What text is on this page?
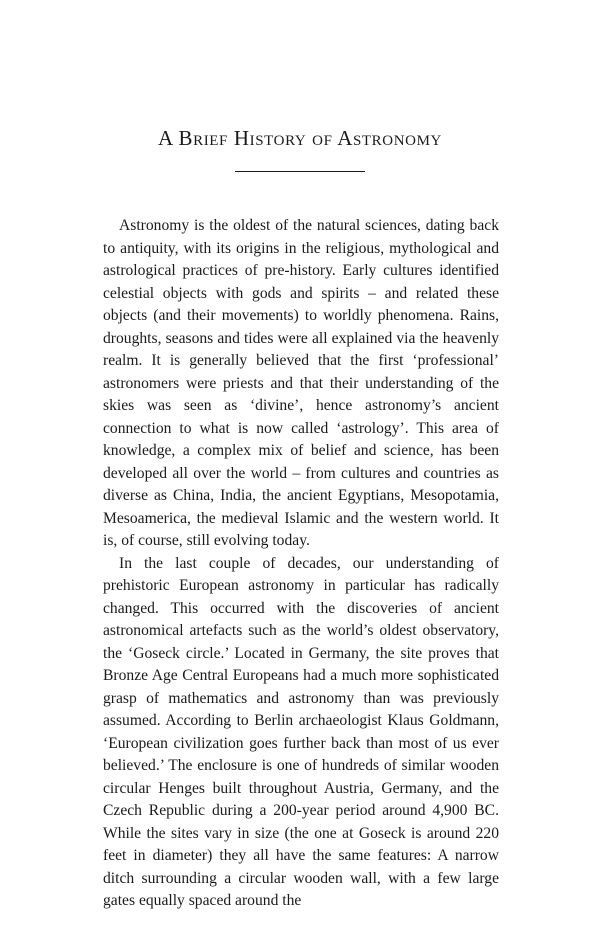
A Brief History of Astronomy

Astronomy is the oldest of the natural sciences, dating back to antiquity, with its origins in the religious, mythological and astrological practices of pre-history. Early cultures identified celestial objects with gods and spirits – and related these objects (and their movements) to worldly phenomena. Rains, droughts, seasons and tides were all explained via the heavenly realm. It is generally believed that the first ‘professional’ astronomers were priests and that their understanding of the skies was seen as ‘divine’, hence astronomy’s ancient connection to what is now called ‘astrology’. This area of knowledge, a complex mix of belief and science, has been developed all over the world – from cultures and countries as diverse as China, India, the ancient Egyptians, Mesopotamia, Mesoamerica, the medieval Islamic and the western world. It is, of course, still evolving today.

In the last couple of decades, our understanding of prehistoric European astronomy in particular has radically changed. This occurred with the discoveries of ancient astronomical artefacts such as the world’s oldest observatory, the ‘Goseck circle.’ Located in Germany, the site proves that Bronze Age Central Europeans had a much more sophisticated grasp of mathematics and astronomy than was previously assumed. According to Berlin archaeologist Klaus Goldmann, ‘European civilization goes further back than most of us ever believed.’ The enclosure is one of hundreds of similar wooden circular Henges built throughout Austria, Germany, and the Czech Republic during a 200-year period around 4,900 BC. While the sites vary in size (the one at Goseck is around 220 feet in diameter) they all have the same features: A narrow ditch surrounding a circular wooden wall, with a few large gates equally spaced around the
